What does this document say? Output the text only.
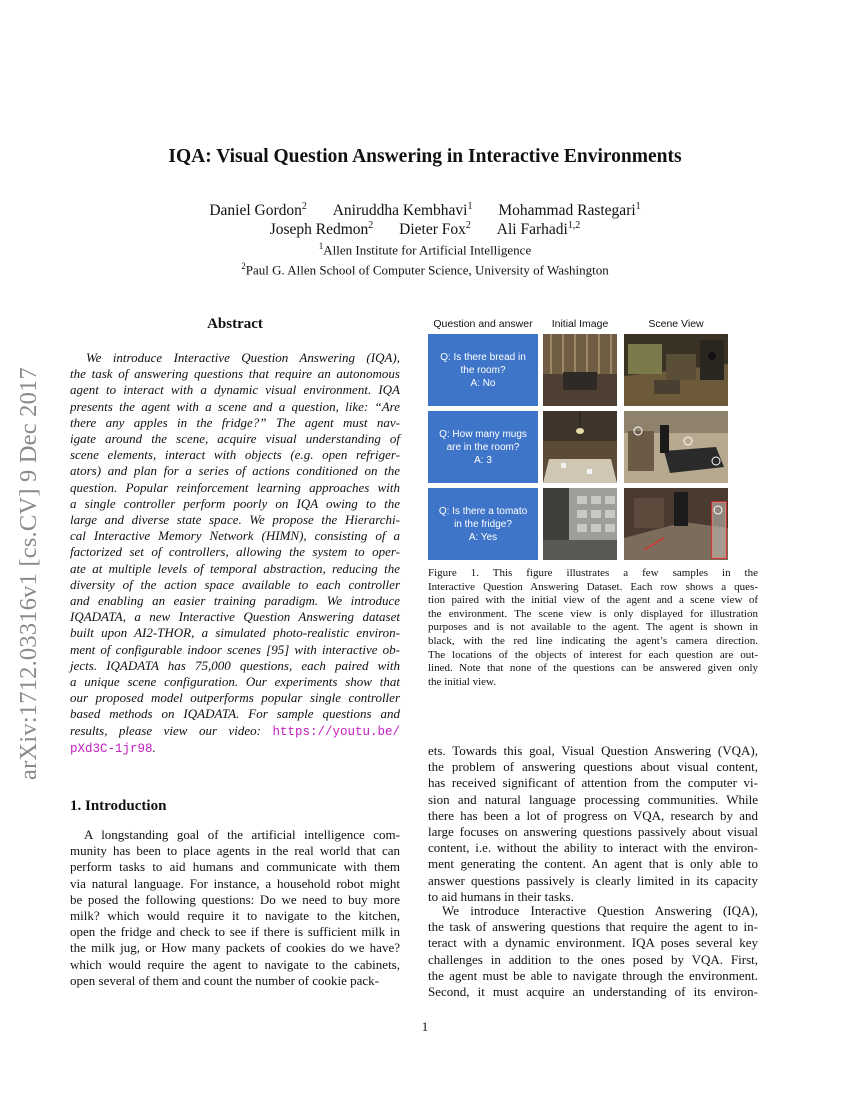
arXiv:1712.03316v1 [cs.CV] 9 Dec 2017
IQA: Visual Question Answering in Interactive Environments
Daniel Gordon$^2$ Aniruddha Kembhavi$^1$ Mohammad Rastegari$^1$
Joseph Redmon$^2$ Dieter Fox$^2$ Ali Farhadi$^{1,2}$
$^1$Allen Institute for Artificial Intelligence
$^2$Paul G. Allen School of Computer Science, University of Washington
Abstract
We introduce Interactive Question Answering (IQA),
the task of answering questions that require an autonomous
agent to interact with a dynamic visual environment. IQA
presents the agent with a scene and a question, like: “Are
there any apples in the fridge?” The agent must nav-
igate around the scene, acquire visual understanding of
scene elements, interact with objects (e.g. open refriger-
ators) and plan for a series of actions conditioned on the
question. Popular reinforcement learning approaches with
a single controller perform poorly on IQA owing to the
large and diverse state space. We propose the Hierarchi-
cal Interactive Memory Network (HIMN), consisting of a
factorized set of controllers, allowing the system to oper-
ate at multiple levels of temporal abstraction, reducing the
diversity of the action space available to each controller
and enabling an easier training paradigm. We introduce
IQADATA, a new Interactive Question Answering dataset
built upon AI2-THOR, a simulated photo-realistic environ-
ment of configurable indoor scenes [95] with interactive ob-
jects. IQADATA has 75,000 questions, each paired with
a unique scene configuration. Our experiments show that
our proposed model outperforms popular single controller
based methods on IQADATA. For sample questions and
results, please view our video: https://youtu.be/
pXd3C-1jr98.
1. Introduction
A longstanding goal of the artificial intelligence com-
munity has been to place agents in the real world that can
perform tasks to aid humans and communicate with them
via natural language. For instance, a household robot might
be posed the following questions: Do we need to buy more
milk? which would require it to navigate to the kitchen,
open the fridge and check to see if there is sufficient milk in
the milk jug, or How many packets of cookies do we have?
which would require the agent to navigate to the cabinets,
open several of them and count the number of cookie pack-
Question and answer	Initial Image	Scene View
Q: Is there bread in
the room?
A: No
Q: How many mugs
are in the room?
A: 3
Q: Is there a tomato
in the fridge?
A: Yes
Figure 1. This figure illustrates a few samples in the
Interactive Question Answering Dataset. Each row shows a ques-
tion paired with the initial view of the agent and a scene view of
the environment. The scene view is only displayed for illustration
purposes and is not available to the agent. The agent is shown in
black, with the red line indicating the agent’s camera direction.
The locations of the objects of interest for each question are out-
lined. Note that none of the questions can be answered given only
the initial view.
ets. Towards this goal, Visual Question Answering (VQA),
the problem of answering questions about visual content,
has received significant of attention from the computer vi-
sion and natural language processing communities. While
there has been a lot of progress on VQA, research by and
large focuses on answering questions passively about visual
content, i.e. without the ability to interact with the environ-
ment generating the content. An agent that is only able to
answer questions passively is clearly limited in its capacity
to aid humans in their tasks.
We introduce Interactive Question Answering (IQA),
the task of answering questions that require the agent to in-
teract with a dynamic environment. IQA poses several key
challenges in addition to the ones posed by VQA. First,
the agent must be able to navigate through the environment.
Second, it must acquire an understanding of its environ-
1
